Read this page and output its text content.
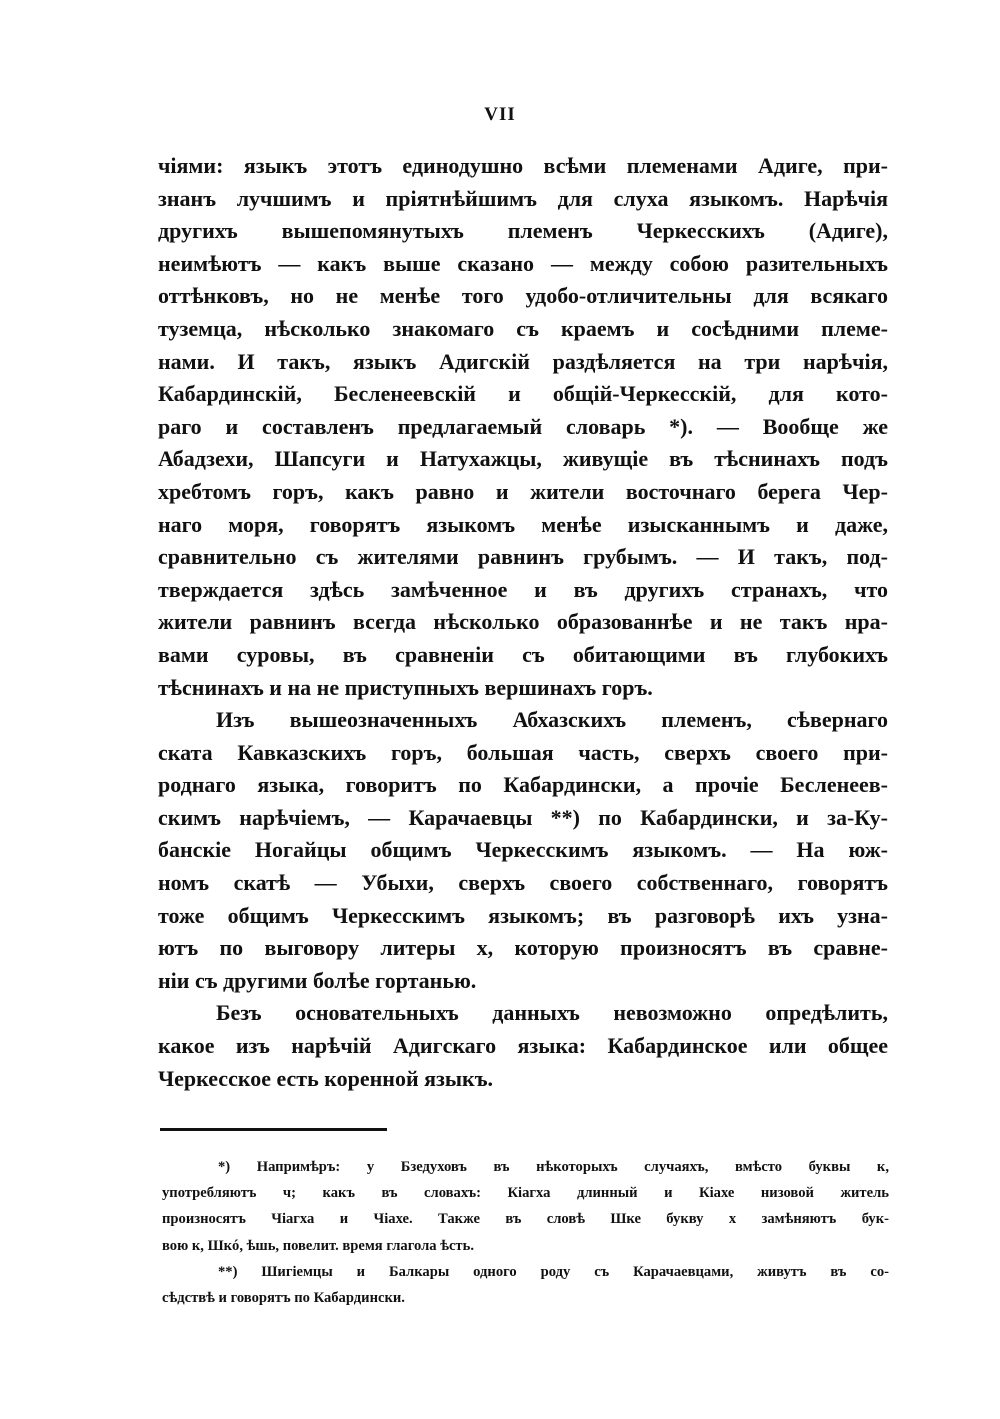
VII

чіями: языкъ этотъ единодушно всѣми племенами Адиге, при-
знанъ лучшимъ и пріятнѣйшимъ для слуха языкомъ. Нарѣчія
другихъ вышепомянутыхъ племенъ Черкесскихъ (Адиге),
неимѣютъ — какъ выше сказано — между собою разительныхъ
оттѣнковъ, но не менѣе того удобо-отличительны для всякаго
туземца, нѣсколько знакомаго съ краемъ и сосѣдними племе-
нами. И такъ, языкъ Адигскій раздѣляется на три нарѣчія,
Кабардинскій, Бесленеевскій и общій-Черкесскій, для кото-
раго и составленъ предлагаемый словарь *). — Вообще же
Абадзехи, Шапсуги и Натухажцы, живущіе въ тѣснинахъ подъ
хребтомъ горъ, какъ равно и жители восточнаго берега Чер-
наго моря, говорятъ языкомъ менѣе изысканнымъ и даже,
сравнительно съ жителями равнинъ грубымъ. — И такъ, под-
тверждается здѣсь замѣченное и въ другихъ странахъ, что
жители равнинъ всегда нѣсколько образованнѣе и не такъ нра-
вами суровы, въ сравненіи съ обитающими въ глубокихъ
тѣснинахъ и на не приступныхъ вершинахъ горъ.

Изъ вышеозначенныхъ Абхазскихъ племенъ, сѣвернаго
ската Кавказскихъ горъ, большая часть, сверхъ своего при-
роднаго языка, говоритъ по Кабардински, а прочіе Бесленеев-
скимъ нарѣчіемъ, — Карачаевцы **) по Кабардински, и за-Ку-
банскіе Ногайцы общимъ Черкесскимъ языкомъ. — На юж-
номъ скатѣ — Убыхи, сверхъ своего собственнаго, говорятъ
тоже общимъ Черкесскимъ языкомъ; въ разговорѣ ихъ узна-
ютъ по выговору литеры x, которую произносятъ въ сравне-
ніи съ другими болѣе гортанью.

Безъ основательныхъ данныхъ невозможно опредѣлить,
какое изъ нарѣчій Адигскаго языка: Кабардинское или общее
Черкесское есть коренной языкъ.

*) Напримѣръ: у Бзедуховъ въ нѣкоторыхъ случаяхъ, вмѣсто буквы к,
употребляютъ ч; какъ въ словахъ: Кіагха длинный и Кіахе низовой житель
произносятъ Чіагха и Чіахе. Также въ словѣ Шке букву x замѣняютъ бук-
вою к, Шкó, ѣшь, повелит. время глагола ѣсть.
**) Шигіемцы и Балкары одного роду съ Карачаевцами, живутъ въ со-
сѣдствѣ и говорятъ по Кабардински.
